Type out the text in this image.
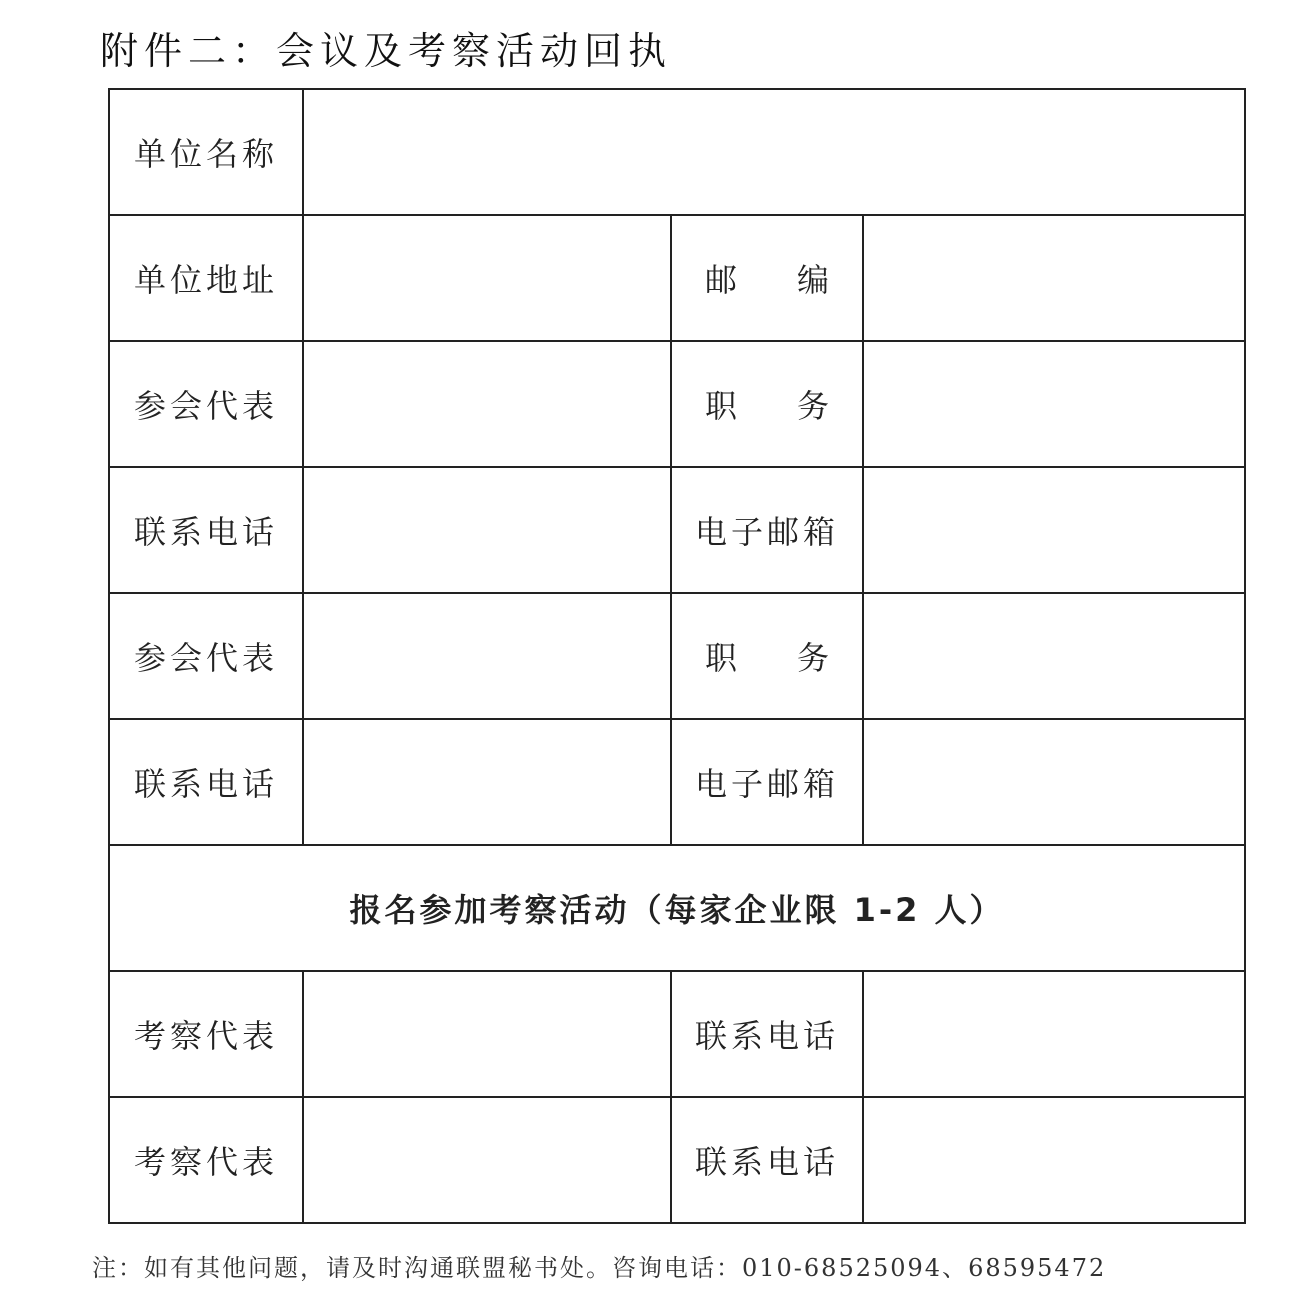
附件二：会议及考察活动回执
单位名称			
单位地址		邮 编	
参会代表		职 务	
联系电话		电子邮箱	
参会代表		职 务	
联系电话		电子邮箱	
报名参加考察活动（每家企业限 1-2 人）			
考察代表		联系电话	
考察代表		联系电话	
注：如有其他问题，请及时沟通联盟秘书处。咨询电话：010-68525094、68595472
